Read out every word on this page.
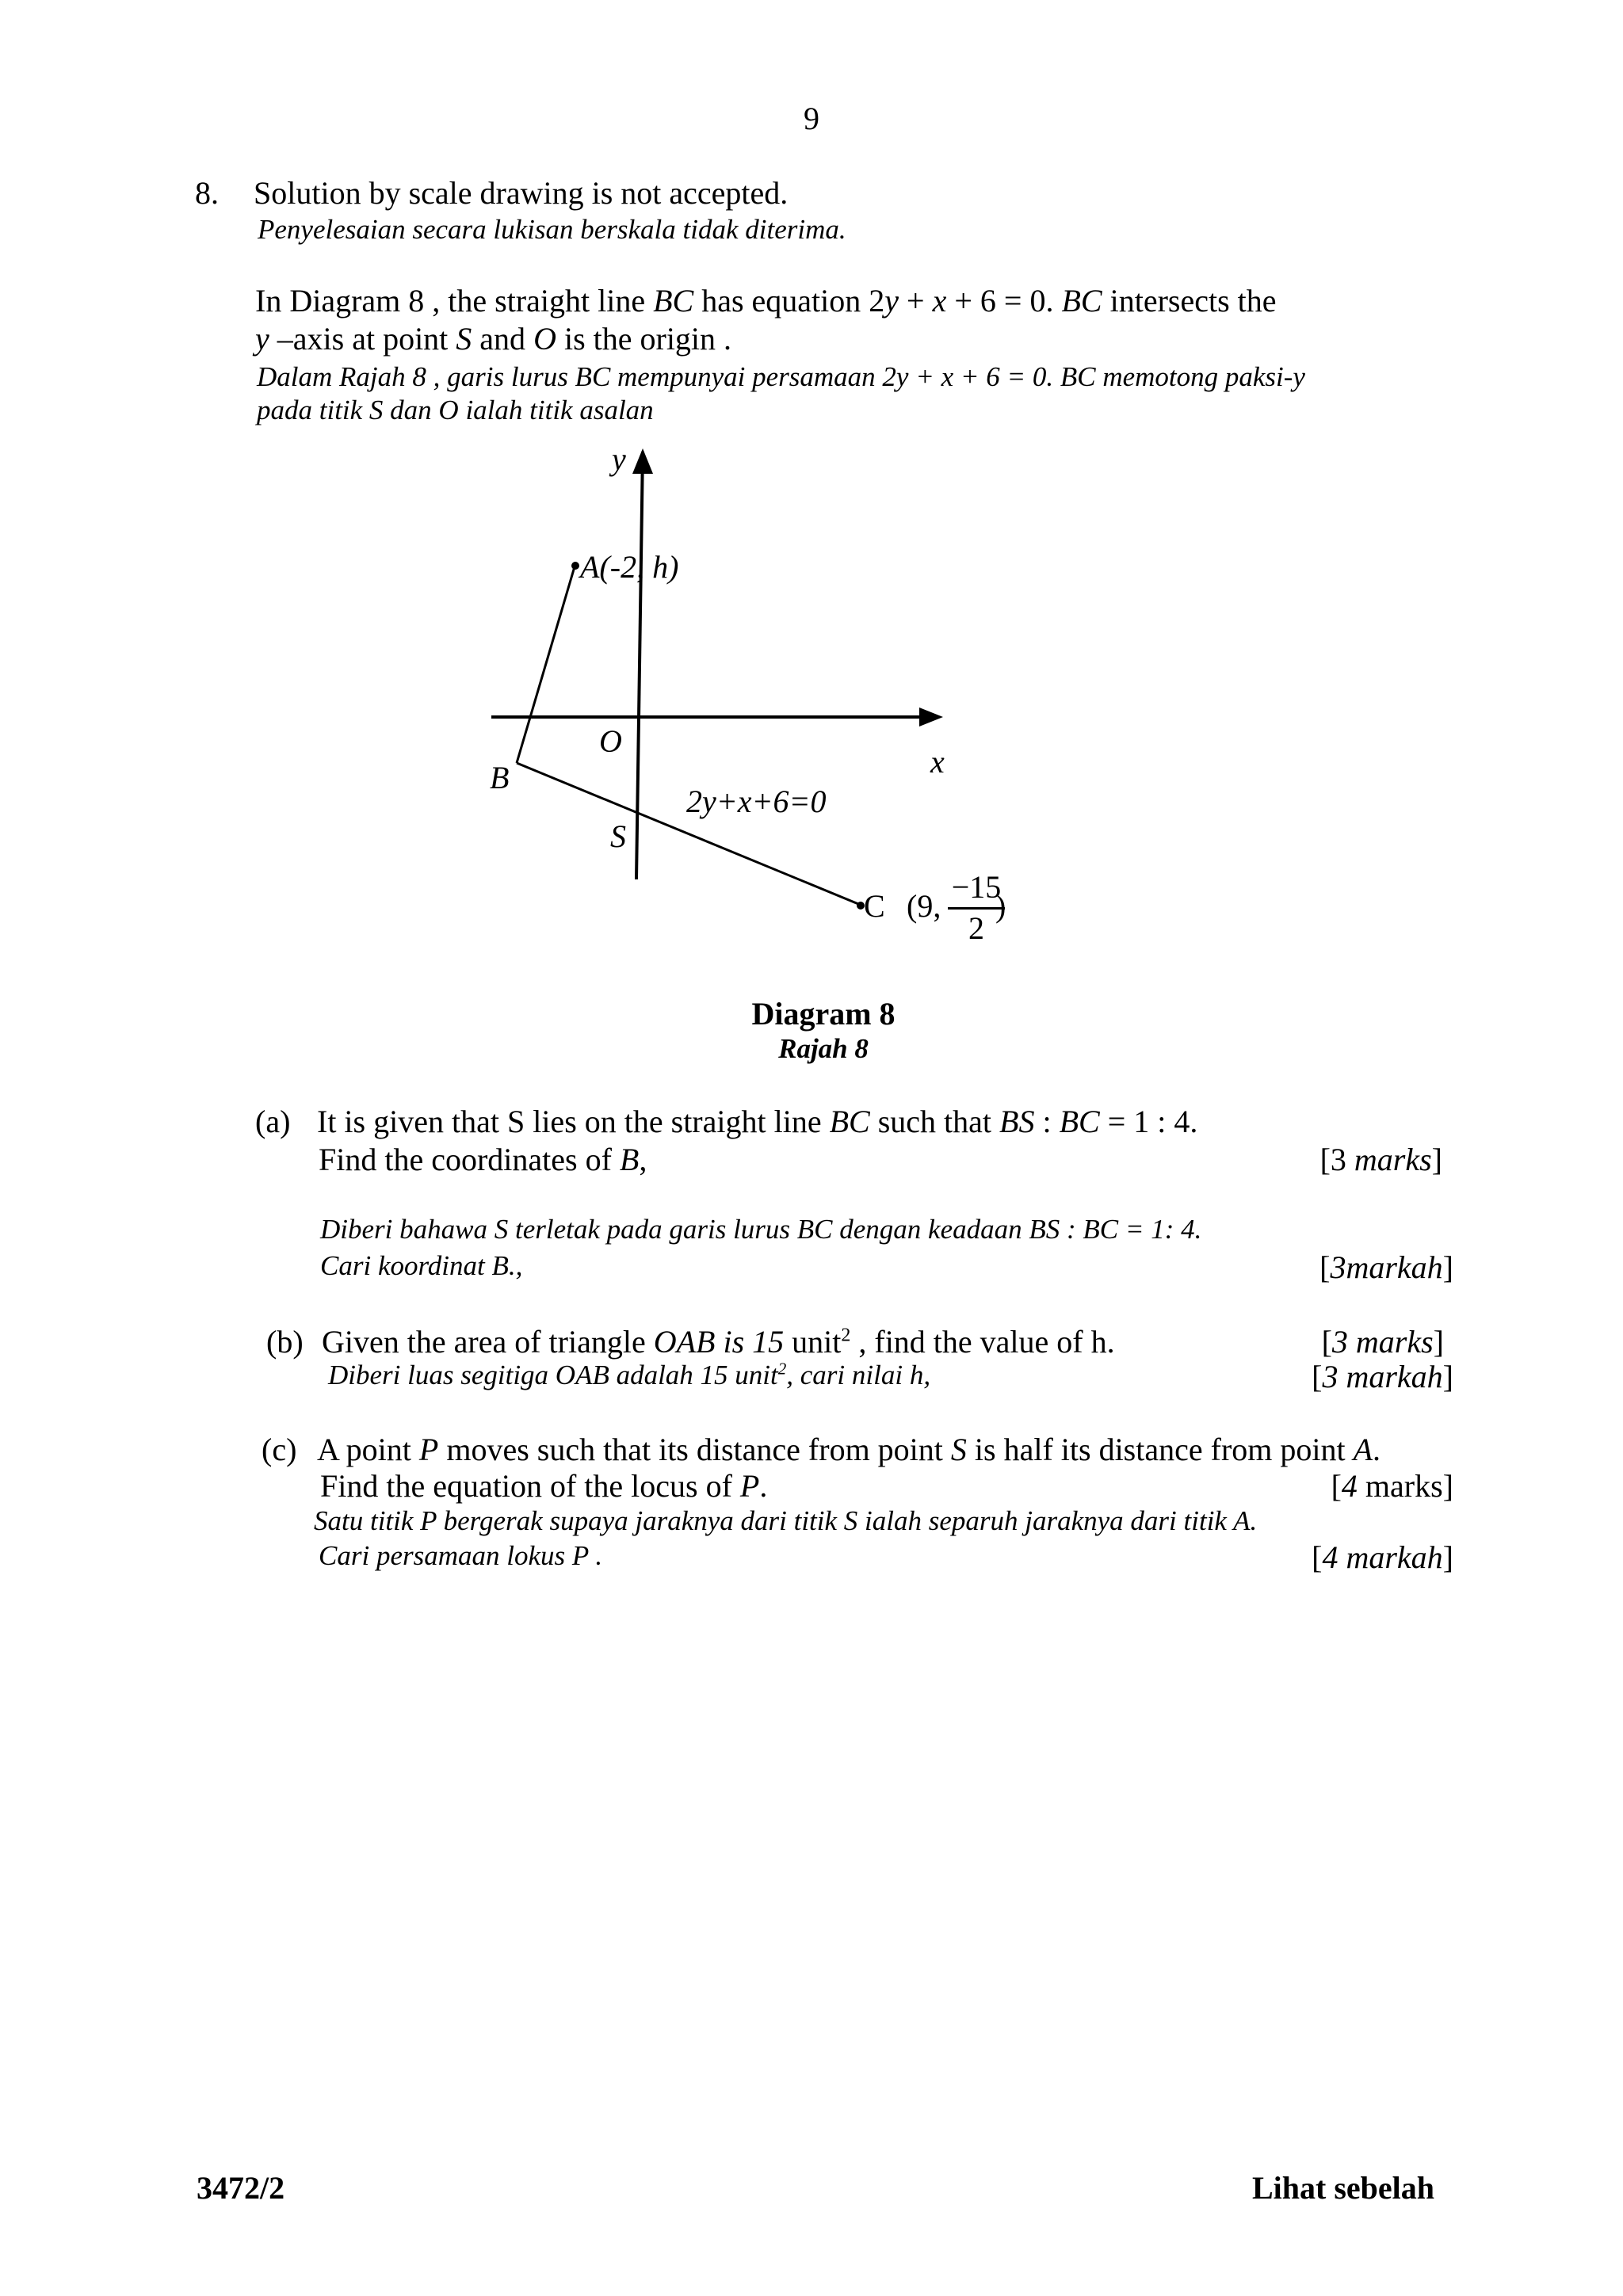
9
8. Solution by scale drawing is not accepted.
Penyelesaian secara lukisan berskala tidak diterima.
In Diagram 8 , the straight line BC has equation 2y + x + 6 = 0. BC intersects the
y –axis at point S and O is the origin .
Dalam Rajah 8 , garis lurus BC mempunyai persamaan 2y + x + 6 = 0. BC memotong paksi-y
pada titik S dan O ialah titik asalan
y
A(-2, h)
O
x
B
2y+x+6=0
S
C (9,
−15
2
)
Diagram 8
Rajah 8
(a) It is given that S lies on the straight line BC such that BS : BC = 1 : 4.
Find the coordinates of B,	[3 marks]
Diberi bahawa S terletak pada garis lurus BC dengan keadaan BS : BC = 1: 4.
Cari koordinat B.,	[3markah]
(b) Given the area of triangle OAB is 15 unit$^2$ , find the value of h.	[3 marks]
Diberi luas segitiga OAB adalah 15 unit$^2$, cari nilai h,	[3 markah]
(c) A point P moves such that its distance from point S is half its distance from point A.
Find the equation of the locus of P.	[4 marks]
Satu titik P bergerak supaya jaraknya dari titik S ialah separuh jaraknya dari titik A.
Cari persamaan lokus P .	[4 markah]
3472/2	Lihat sebelah
